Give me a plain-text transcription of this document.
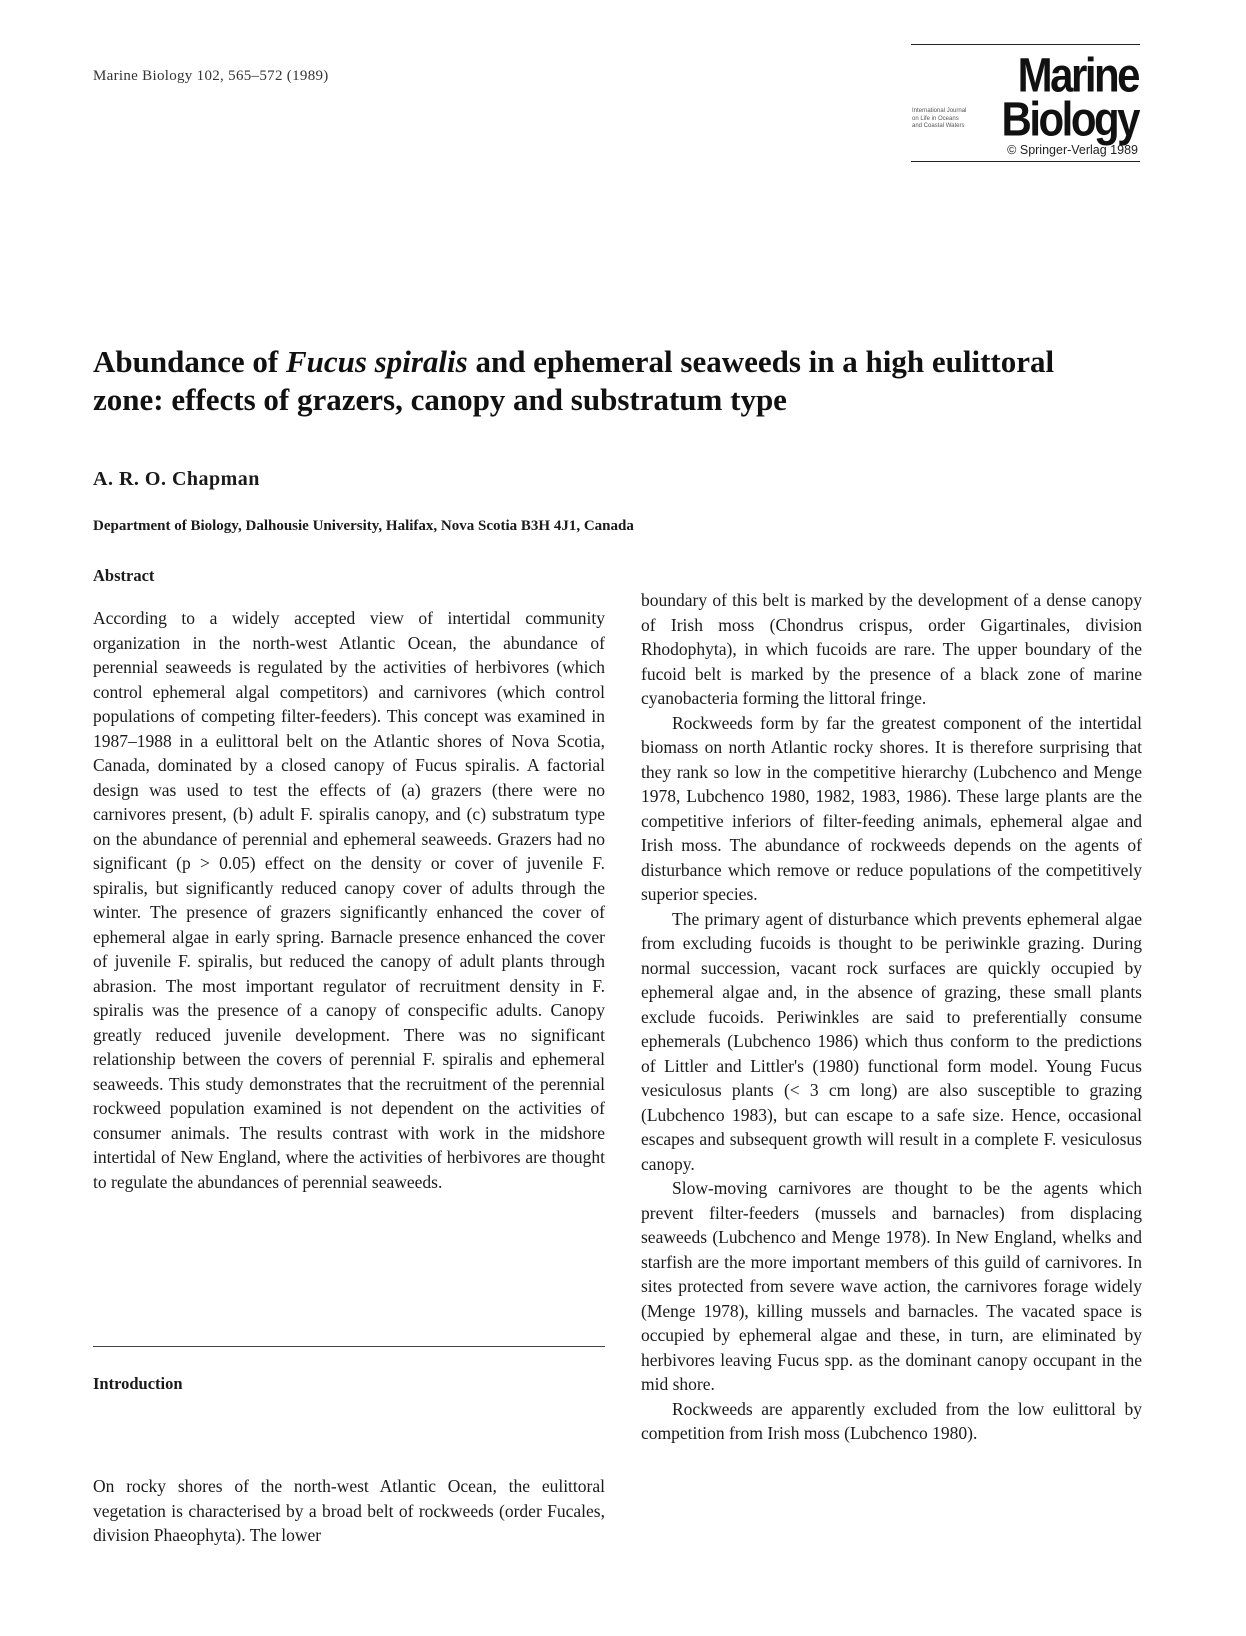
Marine Biology 102, 565–572 (1989)	Marine
International Journal
on Life in Oceans
and Coastal Waters Biology
© Springer-Verlag 1989
Abundance of Fucus spiralis and ephemeral seaweeds in a high eulittoral zone: effects of grazers, canopy and substratum type

A. R. O. Chapman

Department of Biology, Dalhousie University, Halifax, Nova Scotia B3H 4J1, Canada

Abstract

According to a widely accepted view of intertidal community organization in the north-west Atlantic Ocean, the abundance of perennial seaweeds is regulated by the activities of herbivores (which control ephemeral algal competitors) and carnivores (which control populations of competing filter-feeders). This concept was examined in 1987–1988 in a eulittoral belt on the Atlantic shores of Nova Scotia, Canada, dominated by a closed canopy of Fucus spiralis. A factorial design was used to test the effects of (a) grazers (there were no carnivores present, (b) adult F. spiralis canopy, and (c) substratum type on the abundance of perennial and ephemeral seaweeds. Grazers had no significant (p > 0.05) effect on the density or cover of juvenile F. spiralis, but significantly reduced canopy cover of adults through the winter. The presence of grazers significantly enhanced the cover of ephemeral algae in early spring. Barnacle presence enhanced the cover of juvenile F. spiralis, but reduced the canopy of adult plants through abrasion. The most important regulator of recruitment density in F. spiralis was the presence of a canopy of conspecific adults. Canopy greatly reduced juvenile development. There was no significant relationship between the covers of perennial F. spiralis and ephemeral seaweeds. This study demonstrates that the recruitment of the perennial rockweed population examined is not dependent on the activities of consumer animals. The results contrast with work in the midshore intertidal of New England, where the activities of herbivores are thought to regulate the abundances of perennial seaweeds.

Introduction

On rocky shores of the north-west Atlantic Ocean, the eulittoral vegetation is characterised by a broad belt of rockweeds (order Fucales, division Phaeophyta). The lower

boundary of this belt is marked by the development of a dense canopy of Irish moss (Chondrus crispus, order Gigartinales, division Rhodophyta), in which fucoids are rare. The upper boundary of the fucoid belt is marked by the presence of a black zone of marine cyanobacteria forming the littoral fringe.

Rockweeds form by far the greatest component of the intertidal biomass on north Atlantic rocky shores. It is therefore surprising that they rank so low in the competitive hierarchy (Lubchenco and Menge 1978, Lubchenco 1980, 1982, 1983, 1986). These large plants are the competitive inferiors of filter-feeding animals, ephemeral algae and Irish moss. The abundance of rockweeds depends on the agents of disturbance which remove or reduce populations of the competitively superior species.

The primary agent of disturbance which prevents ephemeral algae from excluding fucoids is thought to be periwinkle grazing. During normal succession, vacant rock surfaces are quickly occupied by ephemeral algae and, in the absence of grazing, these small plants exclude fucoids. Periwinkles are said to preferentially consume ephemerals (Lubchenco 1986) which thus conform to the predictions of Littler and Littler's (1980) functional form model. Young Fucus vesiculosus plants (< 3 cm long) are also susceptible to grazing (Lubchenco 1983), but can escape to a safe size. Hence, occasional escapes and subsequent growth will result in a complete F. vesiculosus canopy.

Slow-moving carnivores are thought to be the agents which prevent filter-feeders (mussels and barnacles) from displacing seaweeds (Lubchenco and Menge 1978). In New England, whelks and starfish are the more important members of this guild of carnivores. In sites protected from severe wave action, the carnivores forage widely (Menge 1978), killing mussels and barnacles. The vacated space is occupied by ephemeral algae and these, in turn, are eliminated by herbivores leaving Fucus spp. as the dominant canopy occupant in the mid shore.

Rockweeds are apparently excluded from the low eulittoral by competition from Irish moss (Lubchenco 1980).
